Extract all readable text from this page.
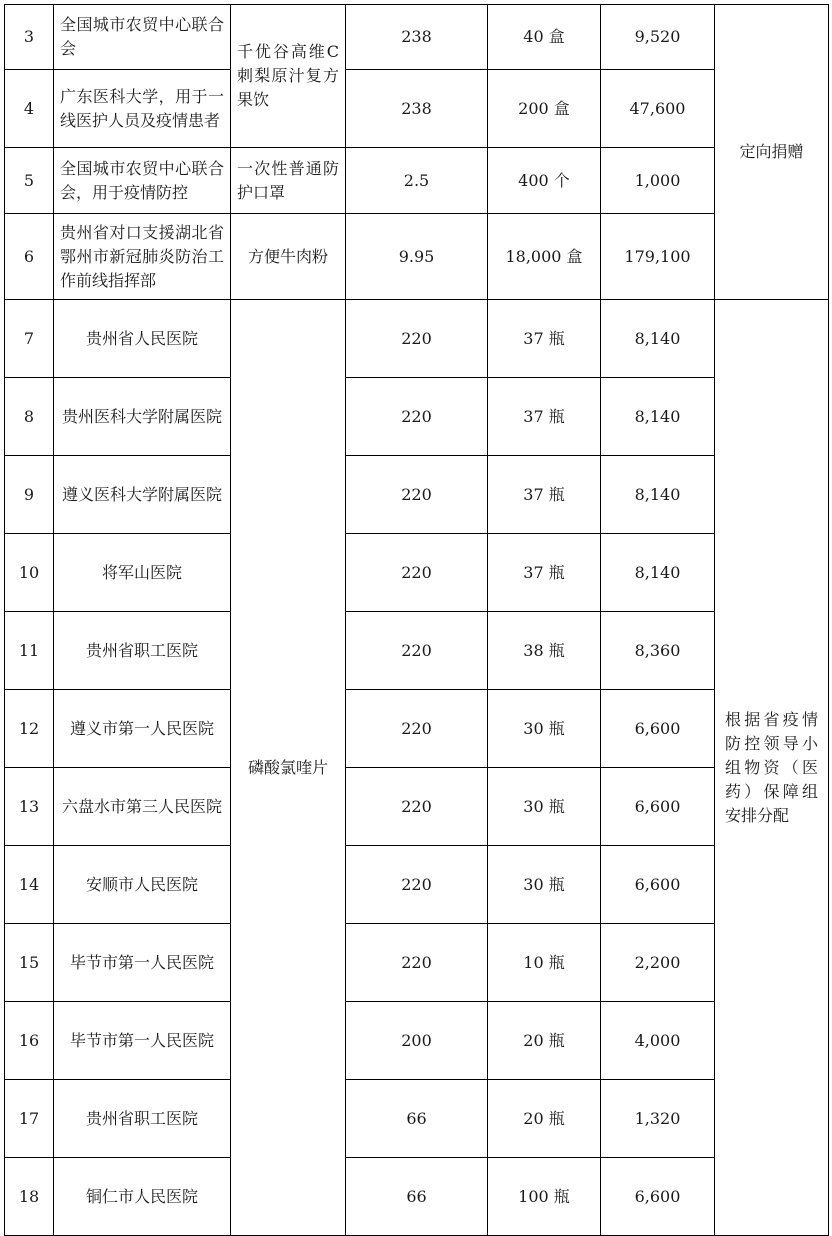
3	全国城市农贸中心联合会	千优谷高维C刺梨原汁复方果饮	238	40 盒	9,520	定向捐赠
4	广东医科大学，用于一线医护人员及疫情患者		238	200 盒	47,600	
5	全国城市农贸中心联合会，用于疫情防控	一次性普通防护口罩	2.5	400 个	1,000	
6	贵州省对口支援湖北省鄂州市新冠肺炎防治工作前线指挥部	方便牛肉粉	9.95	18,000 盒	179,100	
7	贵州省人民医院	磷酸氯喹片	220	37 瓶	8,140	根据省疫情防控领导小组物资（医药）保障组安排分配
8	贵州医科大学附属医院		220	37 瓶	8,140	
9	遵义医科大学附属医院		220	37 瓶	8,140	
10	将军山医院		220	37 瓶	8,140	
11	贵州省职工医院		220	38 瓶	8,360	
12	遵义市第一人民医院		220	30 瓶	6,600	
13	六盘水市第三人民医院		220	30 瓶	6,600	
14	安顺市人民医院		220	30 瓶	6,600	
15	毕节市第一人民医院		220	10 瓶	2,200	
16	毕节市第一人民医院		200	20 瓶	4,000	
17	贵州省职工医院		66	20 瓶	1,320	
18	铜仁市人民医院		66	100 瓶	6,600	
